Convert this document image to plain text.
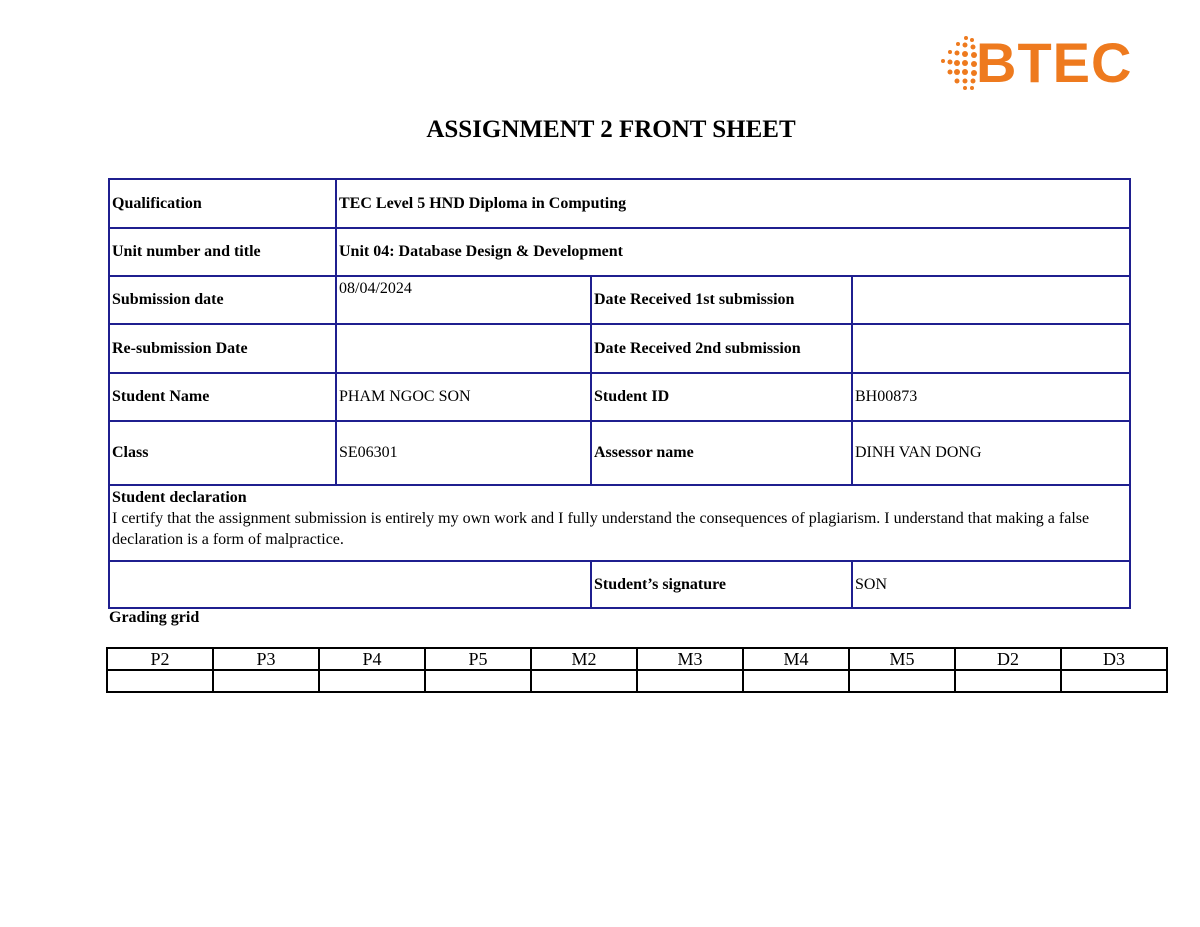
BTEC
ASSIGNMENT 2 FRONT SHEET
Qualification	TEC Level 5 HND Diploma in Computing		
Unit number and title	Unit 04: Database Design & Development		
Submission date	08/04/2024	Date Received 1st submission	
Re-submission Date		Date Received 2nd submission	
Student Name	PHAM NGOC SON	Student ID	BH00873
Class	SE06301	Assessor name	DINH VAN DONG

Student declaration
I certify that the assignment submission is entirely my own work and I fully understand the consequences of plagiarism. I understand that making a false declaration is a form of malpractice.			

		Student’s signature	SON
Grading grid
P2	P3	P4	P5	M2	M3	M4	M5	D2	D3
